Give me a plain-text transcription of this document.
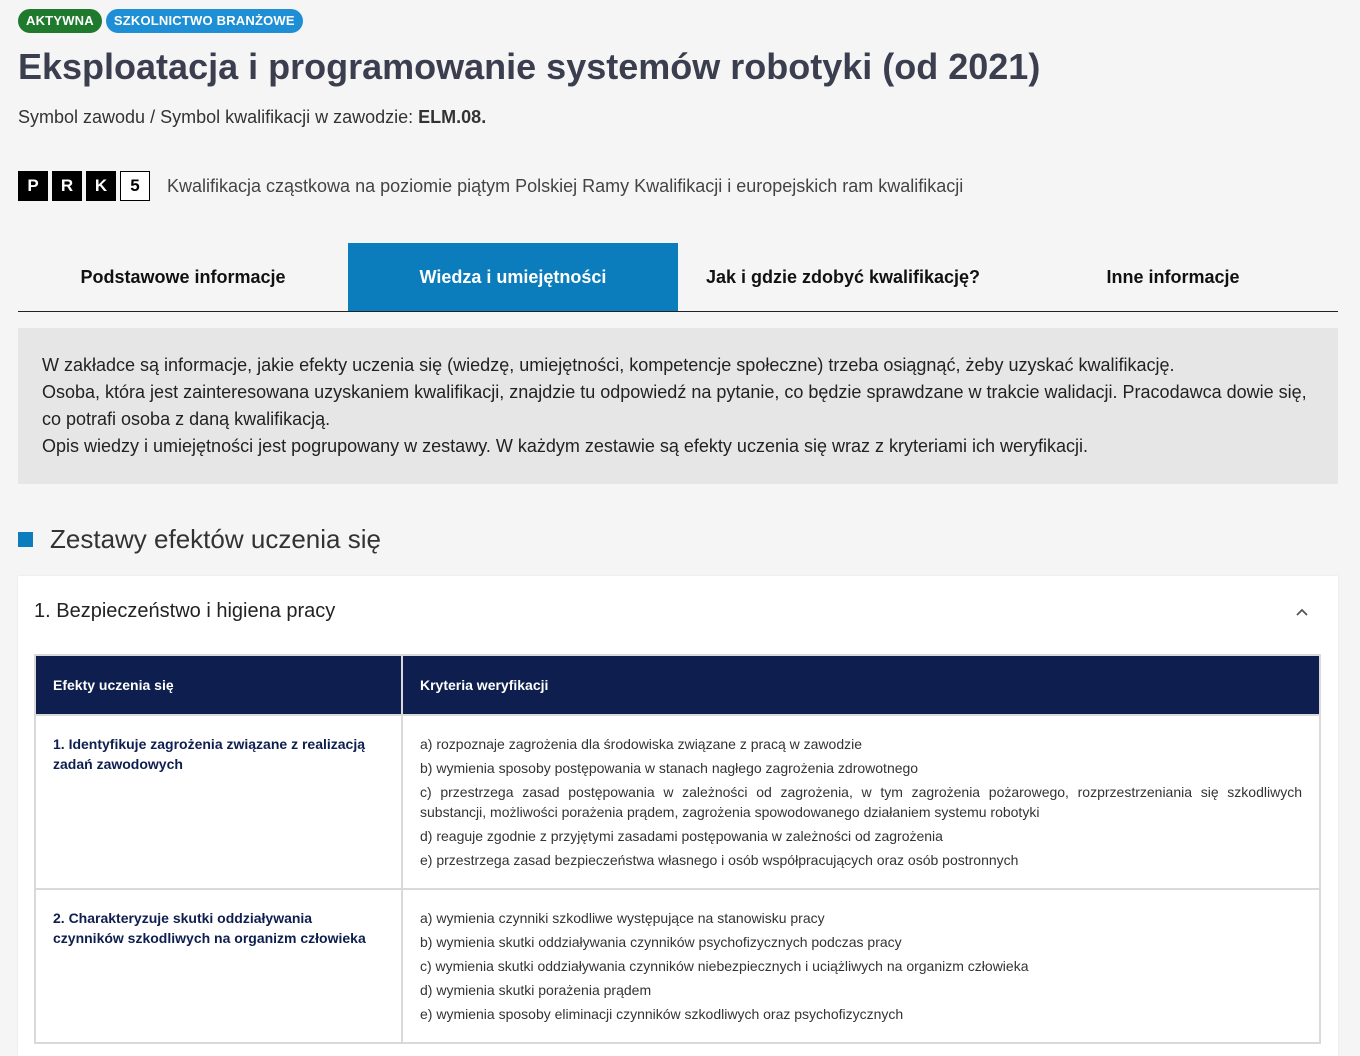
AKTYWNA	SZKOLNICTWO BRANŻOWE
Eksploatacja i programowanie systemów robotyki (od 2021)
Symbol zawodu / Symbol kwalifikacji w zawodzie: ELM.08.
P	R	K	5	Kwalifikacja cząstkowa na poziomie piątym Polskiej Ramy Kwalifikacji i europejskich ram kwalifikacji
Podstawowe informacje	Wiedza i umiejętności	Jak i gdzie zdobyć kwalifikację?	Inne informacje

W zakładce są informacje, jakie efekty uczenia się (wiedzę, umiejętności, kompetencje społeczne) trzeba osiągnąć, żeby uzyskać kwalifikację.

Osoba, która jest zainteresowana uzyskaniem kwalifikacji, znajdzie tu odpowiedź na pytanie, co będzie sprawdzane w trakcie walidacji. Pracodawca dowie się, co potrafi osoba z daną kwalifikacją.

Opis wiedzy i umiejętności jest pogrupowany w zestawy. W każdym zestawie są efekty uczenia się wraz z kryteriami ich weryfikacji.

Zestawy efektów uczenia się
1. Bezpieczeństwo i higiena pracy
Efekty uczenia się	Kryteria weryfikacji
1. Identyfikuje zagrożenia związane z realizacją zadań zawodowych	a) rozpoznaje zagrożenia dla środowiska związane z pracą w zawodzie
b) wymienia sposoby postępowania w stanach nagłego zagrożenia zdrowotnego
c) przestrzega zasad postępowania w zależności od zagrożenia, w tym zagrożenia pożarowego, rozprzestrzeniania się szkodliwych substancji, możliwości porażenia prądem, zagrożenia spowodowanego działaniem systemu robotyki
d) reaguje zgodnie z przyjętymi zasadami postępowania w zależności od zagrożenia
e) przestrzega zasad bezpieczeństwa własnego i osób współpracujących oraz osób postronnych

2. Charakteryzuje skutki oddziaływania czynników szkodliwych na organizm człowieka	a) wymienia czynniki szkodliwe występujące na stanowisku pracy
b) wymienia skutki oddziaływania czynników psychofizycznych podczas pracy
c) wymienia skutki oddziaływania czynników niebezpiecznych i uciążliwych na organizm człowieka
d) wymienia skutki porażenia prądem
e) wymienia sposoby eliminacji czynników szkodliwych oraz psychofizycznych
